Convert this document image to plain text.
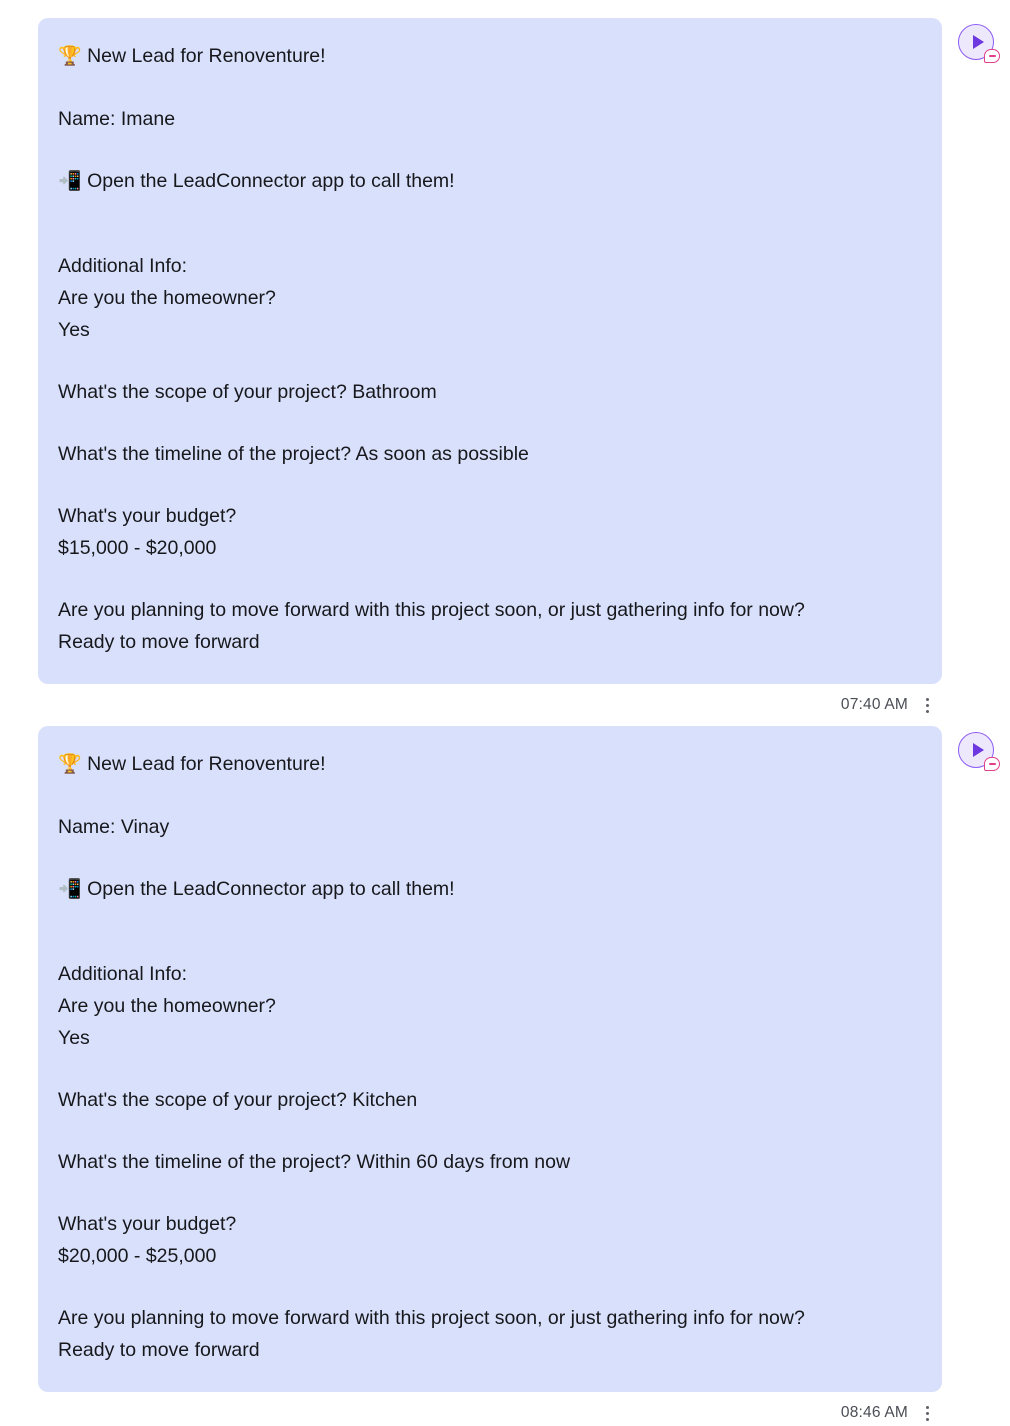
🏆 New Lead for Renoventure!

Name: Imane

📲 Open the LeadConnector app to call them!

Additional Info:

Are you the homeowner?

Yes

What's the scope of your project? Bathroom

What's the timeline of the project? As soon as possible

What's your budget?

$15,000 - $20,000

Are you planning to move forward with this project soon, or just gathering info for now?

Ready to move forward

07:40 AM

🏆 New Lead for Renoventure!

Name: Vinay

📲 Open the LeadConnector app to call them!

Additional Info:

Are you the homeowner?

Yes

What's the scope of your project? Kitchen

What's the timeline of the project? Within 60 days from now

What's your budget?

$20,000 - $25,000

Are you planning to move forward with this project soon, or just gathering info for now?

Ready to move forward

08:46 AM
